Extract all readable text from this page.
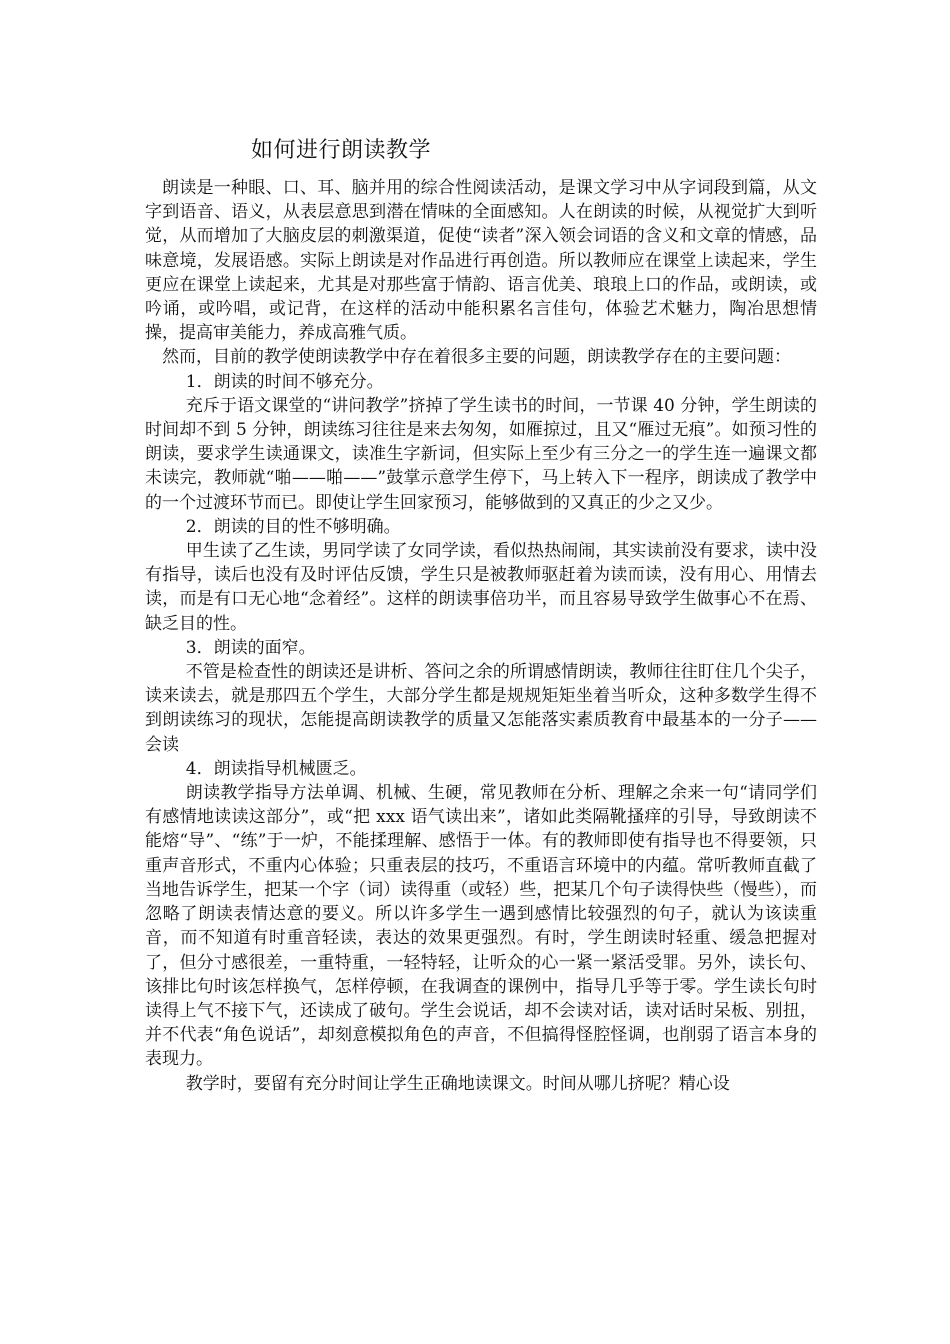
如何进行朗读教学

朗读是一种眼、口、耳、脑并用的综合性阅读活动，是课文学习中从字词段到篇，从文字到语音、语义，从表层意思到潜在情味的全面感知。人在朗读的时候，从视觉扩大到听觉，从而增加了大脑皮层的刺激渠道，促使“读者”深入领会词语的含义和文章的情感，品味意境，发展语感。实际上朗读是对作品进行再创造。所以教师应在课堂上读起来，学生更应在课堂上读起来，尤其是对那些富于情韵、语言优美、琅琅上口的作品，或朗读，或吟诵，或吟唱，或记背，在这样的活动中能积累名言佳句，体验艺术魅力，陶冶思想情操，提高审美能力，养成高雅气质。

然而，目前的教学使朗读教学中存在着很多主要的问题，朗读教学存在的主要问题：

1．朗读的时间不够充分。

充斥于语文课堂的“讲问教学”挤掉了学生读书的时间，一节课 40 分钟，学生朗读的时间却不到 5 分钟，朗读练习往往是来去匆匆，如雁掠过，且又“雁过无痕”。如预习性的朗读，要求学生读通课文，读准生字新词，但实际上至少有三分之一的学生连一遍课文都未读完，教师就“啪——啪——”鼓掌示意学生停下，马上转入下一程序，朗读成了教学中的一个过渡环节而已。即使让学生回家预习，能够做到的又真正的少之又少。

2．朗读的目的性不够明确。

甲生读了乙生读，男同学读了女同学读，看似热热闹闹，其实读前没有要求，读中没有指导，读后也没有及时评估反馈，学生只是被教师驱赶着为读而读，没有用心、用情去读，而是有口无心地“念着经”。这样的朗读事倍功半，而且容易导致学生做事心不在焉、缺乏目的性。

3．朗读的面窄。

不管是检查性的朗读还是讲析、答问之余的所谓感情朗读，教师往往盯住几个尖子，读来读去，就是那四五个学生，大部分学生都是规规矩矩坐着当听众，这种多数学生得不到朗读练习的现状，怎能提高朗读教学的质量又怎能落实素质教育中最基本的一分子——会读

4．朗读指导机械匮乏。

朗读教学指导方法单调、机械、生硬，常见教师在分析、理解之余来一句“请同学们有感情地读读这部分”，或“把 xxx 语气读出来”，诸如此类隔靴搔痒的引导，导致朗读不能熔“导”、“练”于一炉，不能揉理解、感悟于一体。有的教师即使有指导也不得要领，只重声音形式，不重内心体验；只重表层的技巧，不重语言环境中的内蕴。常听教师直截了当地告诉学生，把某一个字（词）读得重（或轻）些，把某几个句子读得快些（慢些），而忽略了朗读表情达意的要义。所以许多学生一遇到感情比较强烈的句子，就认为该读重音，而不知道有时重音轻读，表达的效果更强烈。有时，学生朗读时轻重、缓急把握对了，但分寸感很差，一重特重，一轻特轻，让听众的心一紧一紧活受罪。另外，读长句、该排比句时该怎样换气，怎样停顿，在我调查的课例中，指导几乎等于零。学生读长句时读得上气不接下气，还读成了破句。学生会说话，却不会读对话，读对话时呆板、别扭，并不代表“角色说话”，却刻意模拟角色的声音，不但搞得怪腔怪调，也削弱了语言本身的表现力。

教学时，要留有充分时间让学生正确地读课文。时间从哪儿挤呢？精心设
